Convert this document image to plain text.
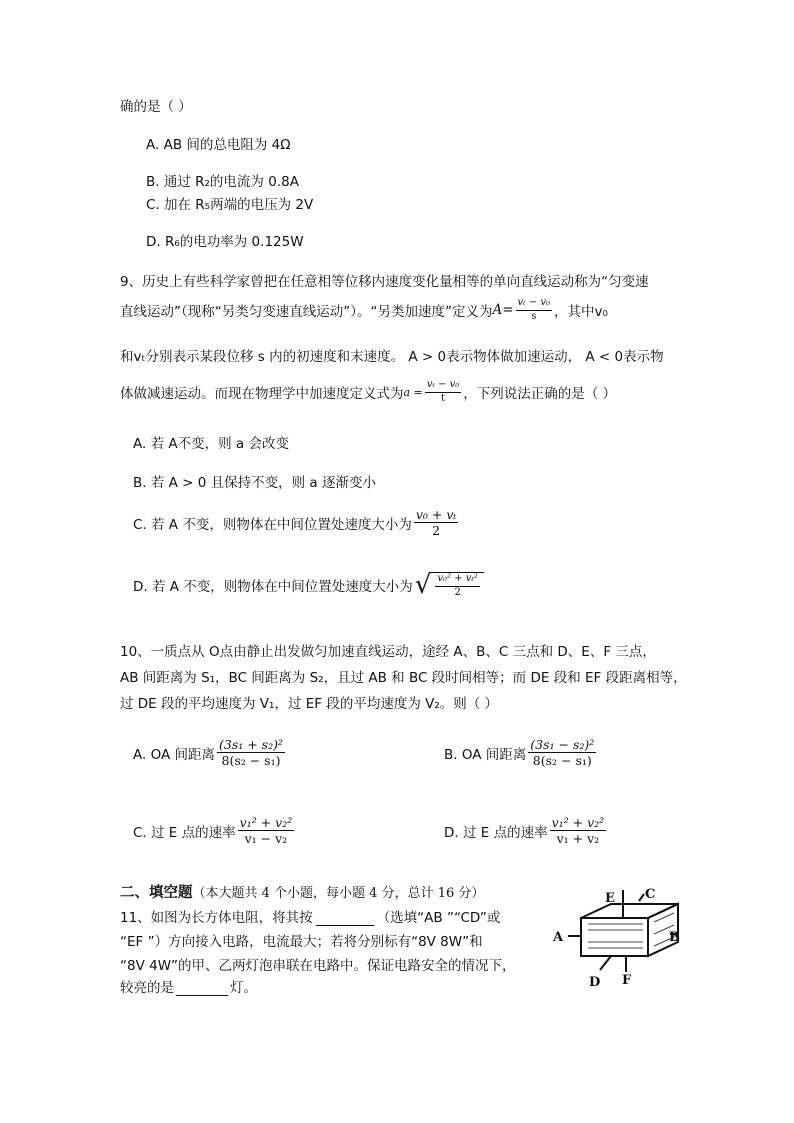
确的是（ ）
A. AB 间的总电阻为 4Ω
B. 通过 R₂的电流为 0.8A
C. 加在 R₅两端的电压为 2V
D. R₆的电功率为 0.125W
9、历史上有些科学家曾把在任意相等位移内速度变化量相等的单向直线运动称为“匀变速
直线运动”（现称“另类匀变速直线运动”）。“另类加速度”定义为 $A= \frac{\text{vₜ − v₀}}{s}$ ，其中v₀
和vₜ分别表示某段位移 s 内的初速度和末速度。 A > 0表示物体做加速运动， A < 0表示物
体做减速运动。而现在物理学中加速度定义式为 $a = \frac{\text{vₜ − v₀}}{t}$ ，下列说法正确的是（ ）
A. 若 A不变，则 a 会改变
B. 若 A > 0 且保持不变，则 a 逐渐变小
C. 若 A 不变，则物体在中间位置处速度大小为 $\frac{\text{v₀ + vₜ}}{2}$
D. 若 A 不变，则物体在中间位置处速度大小为 √ $\frac{\text{v₀² + vₜ²}}{2}$
10、一质点从 O点由静止出发做匀加速直线运动，途经 A、B、C 三点和 D、E、F 三点，
AB 间距离为 S₁，BC 间距离为 S₂，且过 AB 和 BC 段时间相等；而 DE 段和 EF 段距离相等，
过 DE 段的平均速度为 V₁，过 EF 段的平均速度为 V₂。则（ ）
A. OA 间距离 $\frac{\text{(3s₁ + s₂)²}}{\text{8(s₂ − s₁)}}$	B. OA 间距离 $\frac{\text{(3s₁ − s₂)²}}{\text{8(s₂ − s₁)}}$
C. 过 E 点的速率 $\frac{\text{v₁² + v₂²}}{\text{v₁ − v₂}}$	D. 过 E 点的速率 $\frac{\text{v₁² + v₂²}}{\text{v₁ + v₂}}$
二、填空题（本大题共 4 个小题，每小题 4 分，总计 16 分）
11、如图为长方体电阻，将其按	（选填“AB ”“CD”或
“EF ”）方向接入电路，电流最大；若将分别标有“8V 8W”和
“8V 4W”的甲、乙两灯泡串联在电路中。保证电路安全的情况下，
较亮的是	灯。
E C
A	B
D F
